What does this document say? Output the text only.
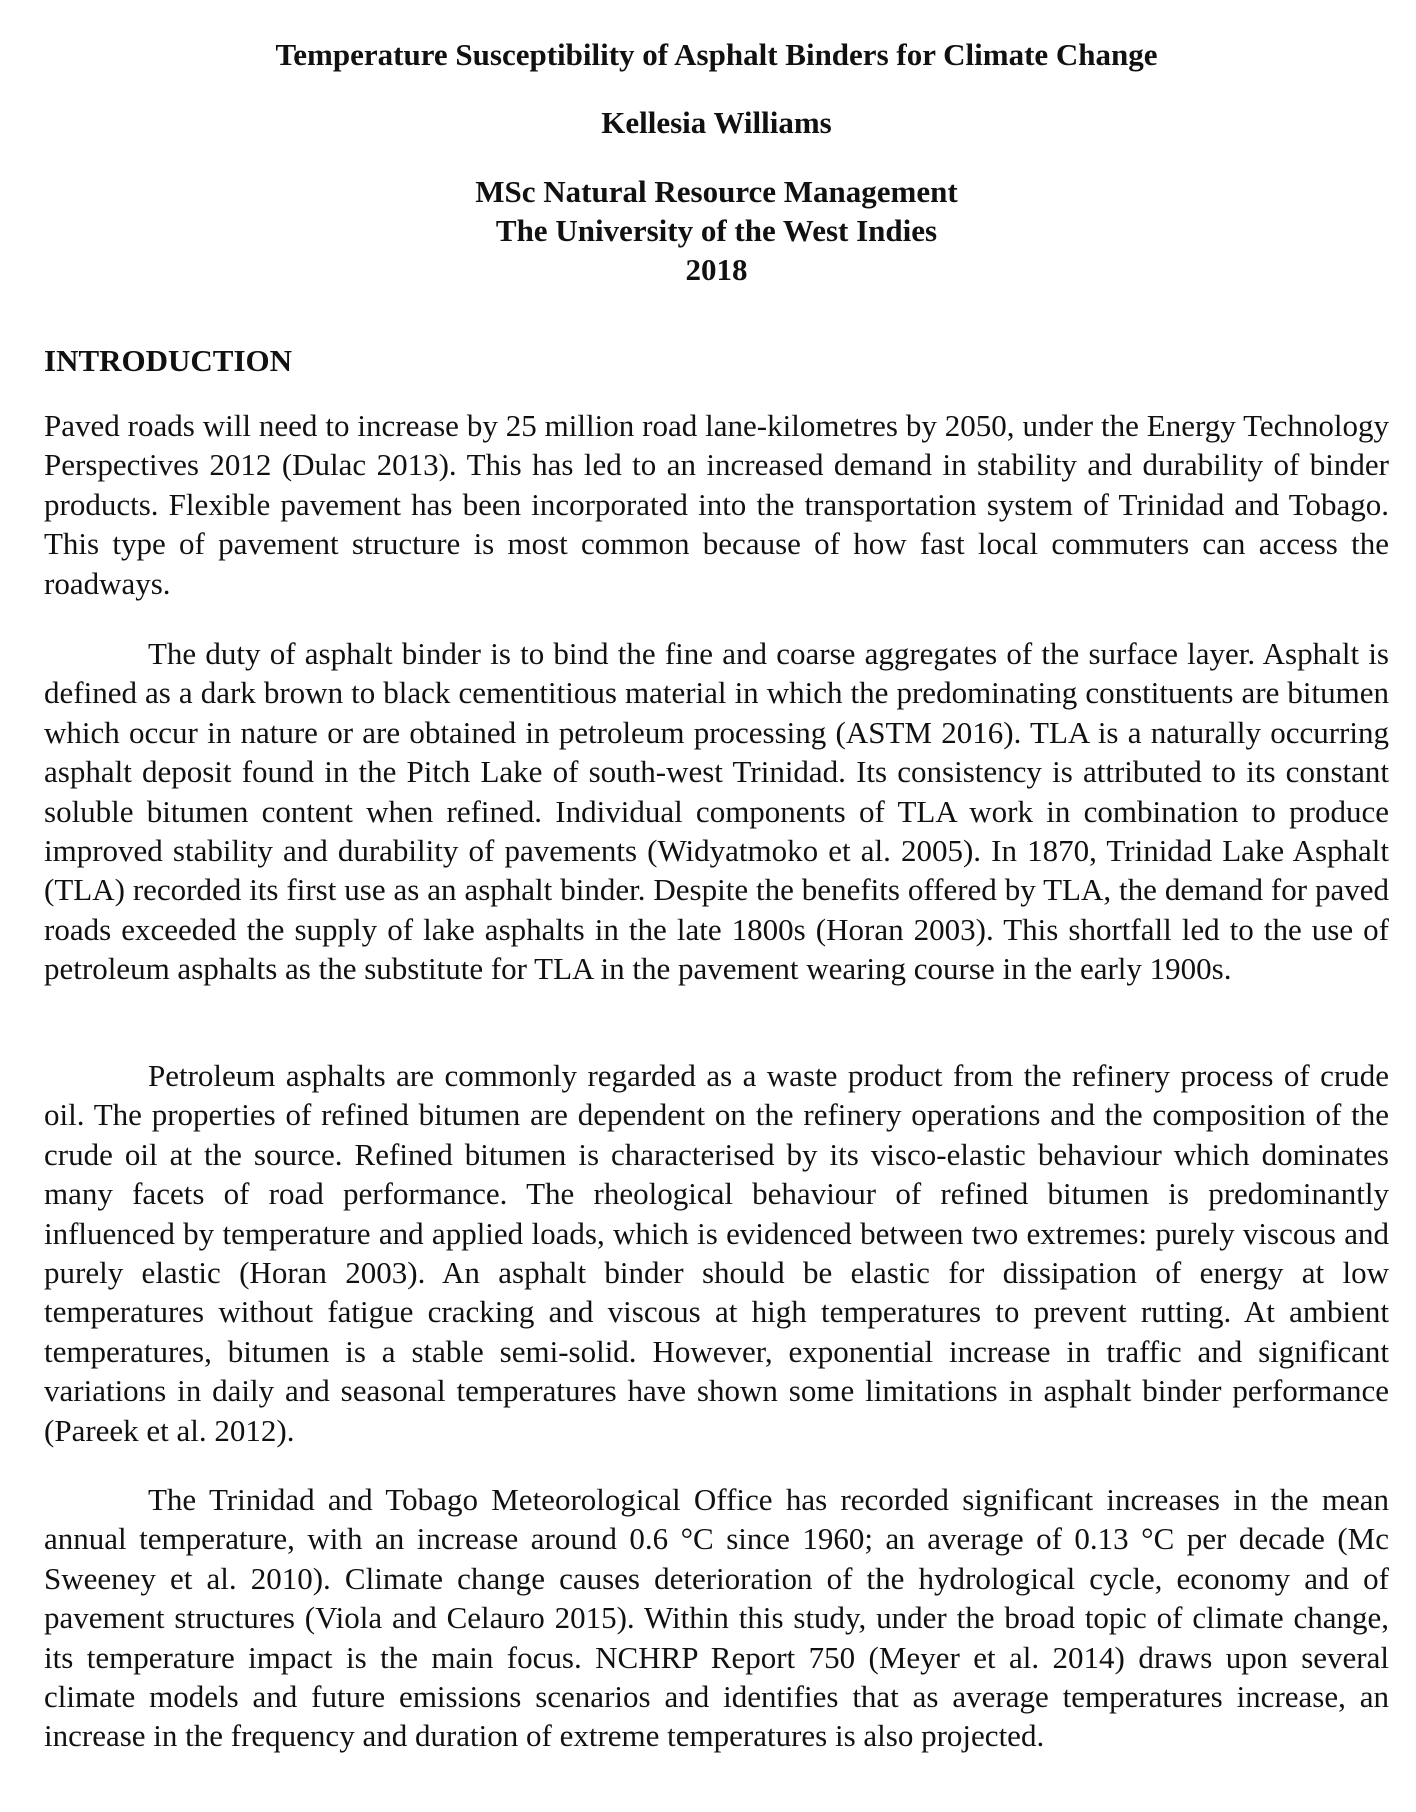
Temperature Susceptibility of Asphalt Binders for Climate Change
Kellesia Williams
MSc Natural Resource Management
The University of the West Indies
2018
INTRODUCTION

Paved roads will need to increase by 25 million road lane-kilometres by 2050, under the Energy Technology Perspectives 2012 (Dulac 2013). This has led to an increased demand in stability and durability of binder products. Flexible pavement has been incorporated into the transportation system of Trinidad and Tobago. This type of pavement structure is most common because of how fast local commuters can access the roadways.

The duty of asphalt binder is to bind the fine and coarse aggregates of the surface layer. Asphalt is defined as a dark brown to black cementitious material in which the predominating constituents are bitumen which occur in nature or are obtained in petroleum processing (ASTM 2016). TLA is a naturally occurring asphalt deposit found in the Pitch Lake of south-west Trinidad. Its consistency is attributed to its constant soluble bitumen content when refined. Individual components of TLA work in combination to produce improved stability and durability of pavements (Widyatmoko et al. 2005). In 1870, Trinidad Lake Asphalt (TLA) recorded its first use as an asphalt binder. Despite the benefits offered by TLA, the demand for paved roads exceeded the supply of lake asphalts in the late 1800s (Horan 2003). This shortfall led to the use of petroleum asphalts as the substitute for TLA in the pavement wearing course in the early 1900s.

Petroleum asphalts are commonly regarded as a waste product from the refinery process of crude oil. The properties of refined bitumen are dependent on the refinery operations and the composition of the crude oil at the source. Refined bitumen is characterised by its visco-elastic behaviour which dominates many facets of road performance. The rheological behaviour of refined bitumen is predominantly influenced by temperature and applied loads, which is evidenced between two extremes: purely viscous and purely elastic (Horan 2003). An asphalt binder should be elastic for dissipation of energy at low temperatures without fatigue cracking and viscous at high temperatures to prevent rutting. At ambient temperatures, bitumen is a stable semi-solid. However, exponential increase in traffic and significant variations in daily and seasonal temperatures have shown some limitations in asphalt binder performance (Pareek et al. 2012).

The Trinidad and Tobago Meteorological Office has recorded significant increases in the mean annual temperature, with an increase around 0.6 °C since 1960; an average of 0.13 °C per decade (Mc Sweeney et al. 2010). Climate change causes deterioration of the hydrological cycle, economy and of pavement structures (Viola and Celauro 2015). Within this study, under the broad topic of climate change, its temperature impact is the main focus. NCHRP Report 750 (Meyer et al. 2014) draws upon several climate models and future emissions scenarios and identifies that as average temperatures increase, an increase in the frequency and duration of extreme temperatures is also projected.
